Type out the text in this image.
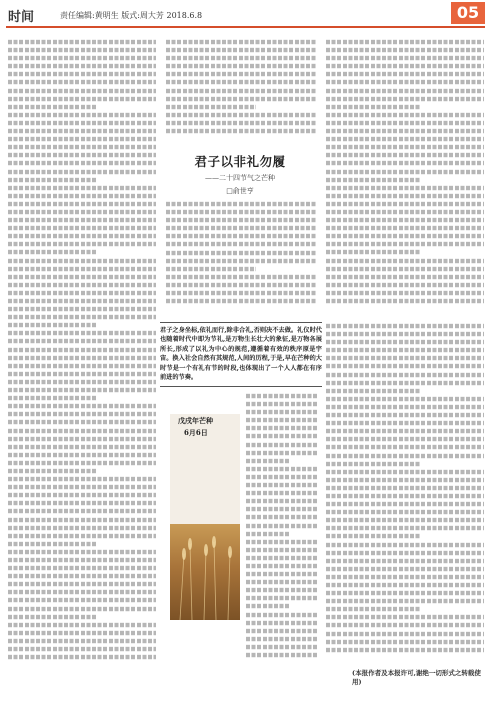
时间	责任编辑:黄明生 版式:周大芳 2018.6.8	05
君子以非礼勿履
——二十四节气之芒种
□俞世亨
君子之身坐标,依礼而行,除非合礼,否则决不去做。礼仪时代也随着时代中即为节礼,是万物生长壮大的象征,是万物各展所长,形成了以礼为中心的规范,遵循着有效的秩序原是宇宙。换入社会自然有其规范,人间的历程,于是,早在芒种的大时节是一个有礼有节的时段,也体现出了一个人人都在有序前进的节奏。
戊戌年芒种
6月6日
芒 种
(本报作者及本报许可,谢绝一切形式之转载使用)
